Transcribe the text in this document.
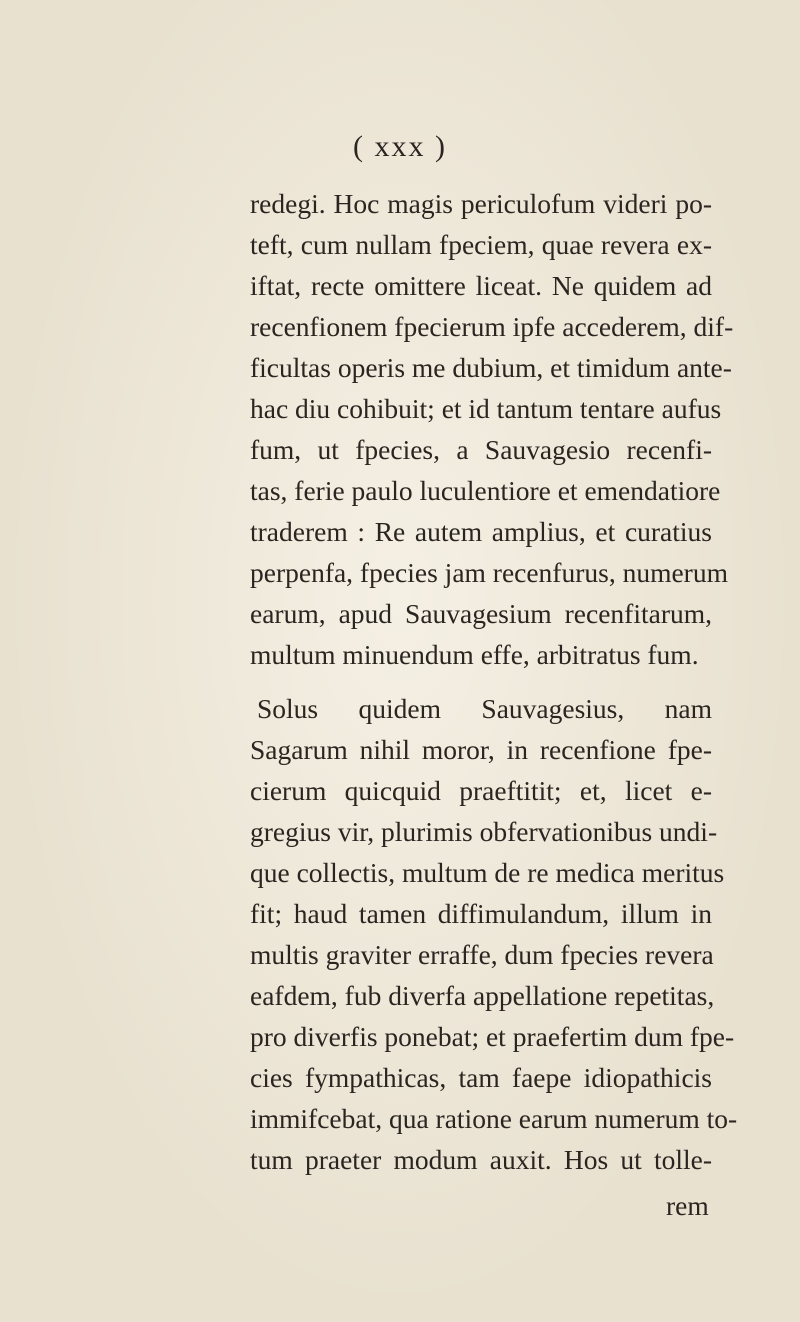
( xxx )
redegi. Hoc magis periculofum videri po-
teft, cum nullam fpeciem, quae revera ex-
iftat, recte omittere liceat. Ne quidem ad
recenfionem fpecierum ipfe accederem, dif-
ficultas operis me dubium, et timidum ante-
hac diu cohibuit; et id tantum tentare aufus
fum, ut fpecies, a Sauvagesio recenfi-
tas, ferie paulo luculentiore et emendatiore
traderem : Re autem amplius, et curatius
perpenfa, fpecies jam recenfurus, numerum
earum, apud Sauvagesium recenfitarum,
multum minuendum effe, arbitratus fum.
Solus quidem Sauvagesius, nam
Sagarum nihil moror, in recenfione fpe-
cierum quicquid praeftitit; et, licet e-
gregius vir, plurimis obfervationibus undi-
que collectis, multum de re medica meritus
fit; haud tamen diffimulandum, illum in
multis graviter erraffe, dum fpecies revera
eafdem, fub diverfa appellatione repetitas,
pro diverfis ponebat; et praefertim dum fpe-
cies fympathicas, tam faepe idiopathicis
immifcebat, qua ratione earum numerum to-
tum praeter modum auxit. Hos ut tolle-
rem
